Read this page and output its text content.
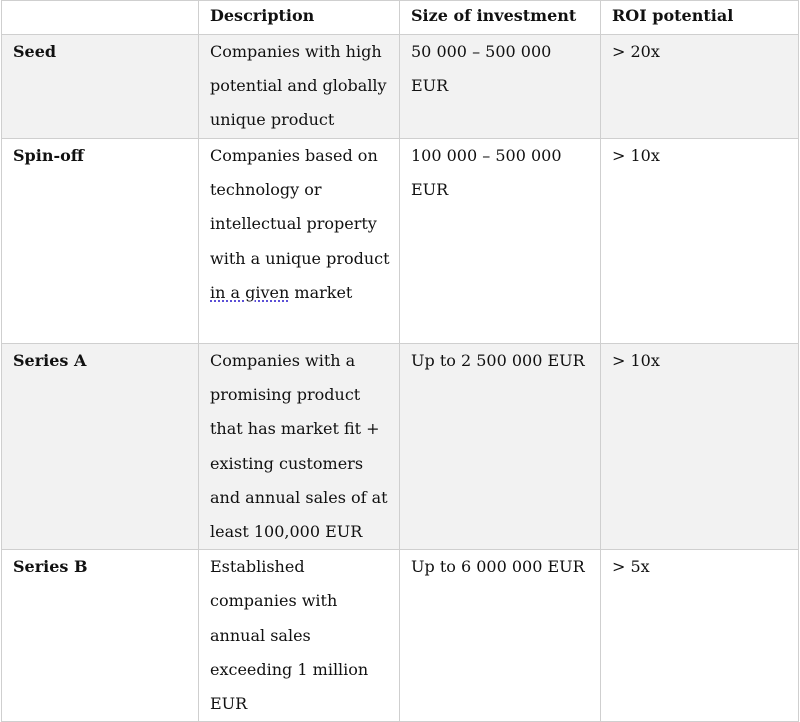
	Description	Size of investment	ROI potential
Seed	Companies with high potential and globally unique product	50 000 – 500 000 EUR	> 20x
Spin-off	Companies based on technology or intellectual property with a unique product in a given market	100 000 – 500 000 EUR	> 10x
Series A	Companies with a promising product that has market fit + existing customers and annual sales of at least 100,000 EUR	Up to 2 500 000 EUR	> 10x
Series B	Established companies with annual sales exceeding 1 million EUR	Up to 6 000 000 EUR	> 5x
